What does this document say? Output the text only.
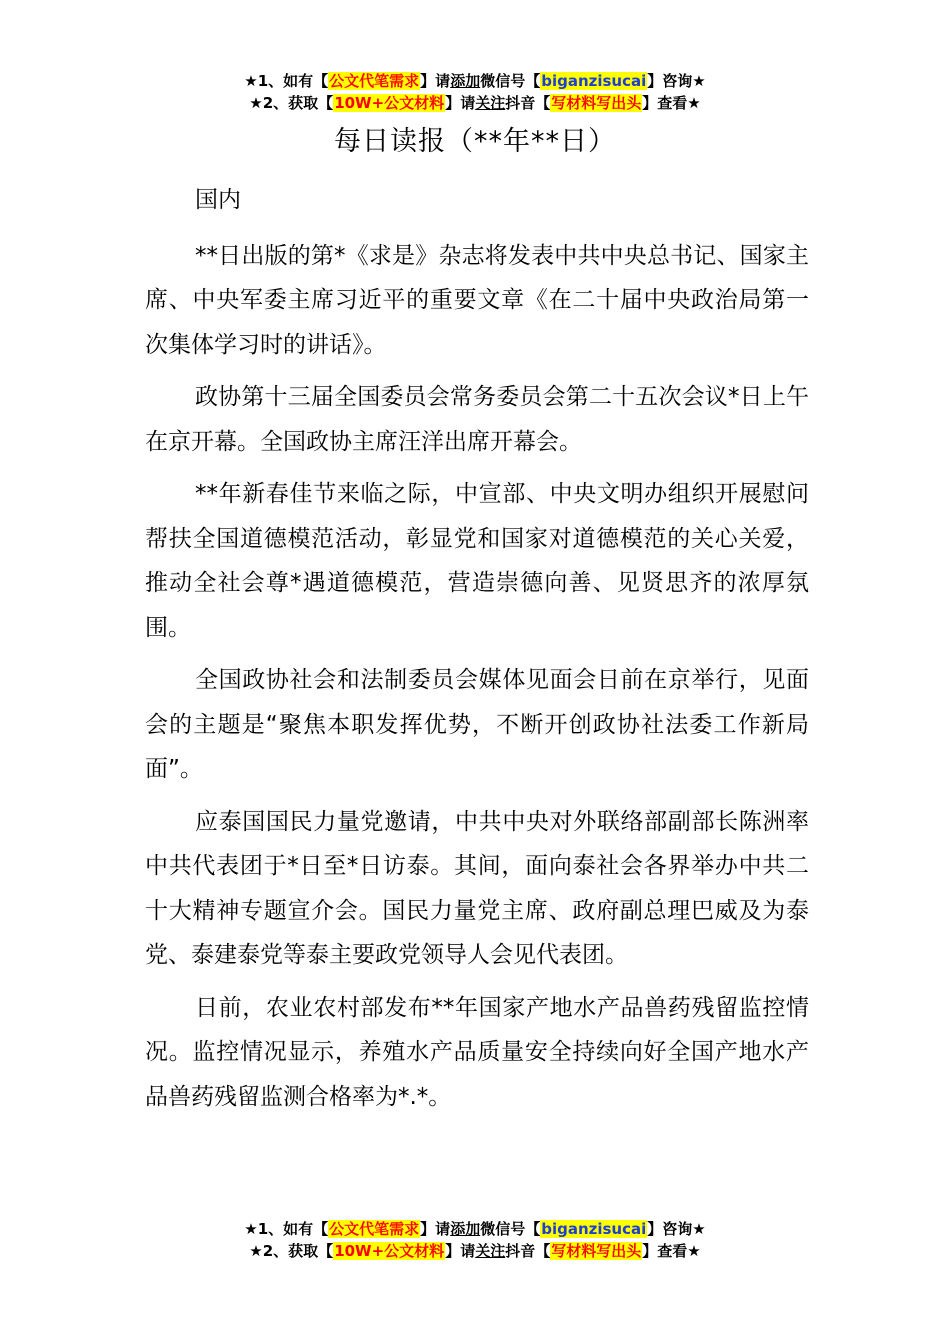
★1、如有【公文代笔需求】请添加微信号【biganzisucai】咨询★
★2、获取【10W+公文材料】请关注抖音【写材料写出头】查看★
每日读报（**年**日）

国内

**日出版的第*《求是》杂志将发表中共中央总书记、国家主席、中央军委主席习近平的重要文章《在二十届中央政治局第一次集体学习时的讲话》。

政协第十三届全国委员会常务委员会第二十五次会议*日上午在京开幕。全国政协主席汪洋出席开幕会。

**年新春佳节来临之际，中宣部、中央文明办组织开展慰问帮扶全国道德模范活动，彰显党和国家对道德模范的关心关爱，推动全社会尊*遇道德模范，营造崇德向善、见贤思齐的浓厚氛围。

全国政协社会和法制委员会媒体见面会日前在京举行，见面会的主题是“聚焦本职发挥优势，不断开创政协社法委工作新局面”。

应泰国国民力量党邀请，中共中央对外联络部副部长陈洲率中共代表团于*日至*日访泰。其间，面向泰社会各界举办中共二十大精神专题宣介会。国民力量党主席、政府副总理巴威及为泰党、泰建泰党等泰主要政党领导人会见代表团。

日前，农业农村部发布**年国家产地水产品兽药残留监控情况。监控情况显示，养殖水产品质量安全持续向好全国产地水产品兽药残留监测合格率为*.*。

★1、如有【公文代笔需求】请添加微信号【biganzisucai】咨询★
★2、获取【10W+公文材料】请关注抖音【写材料写出头】查看★
